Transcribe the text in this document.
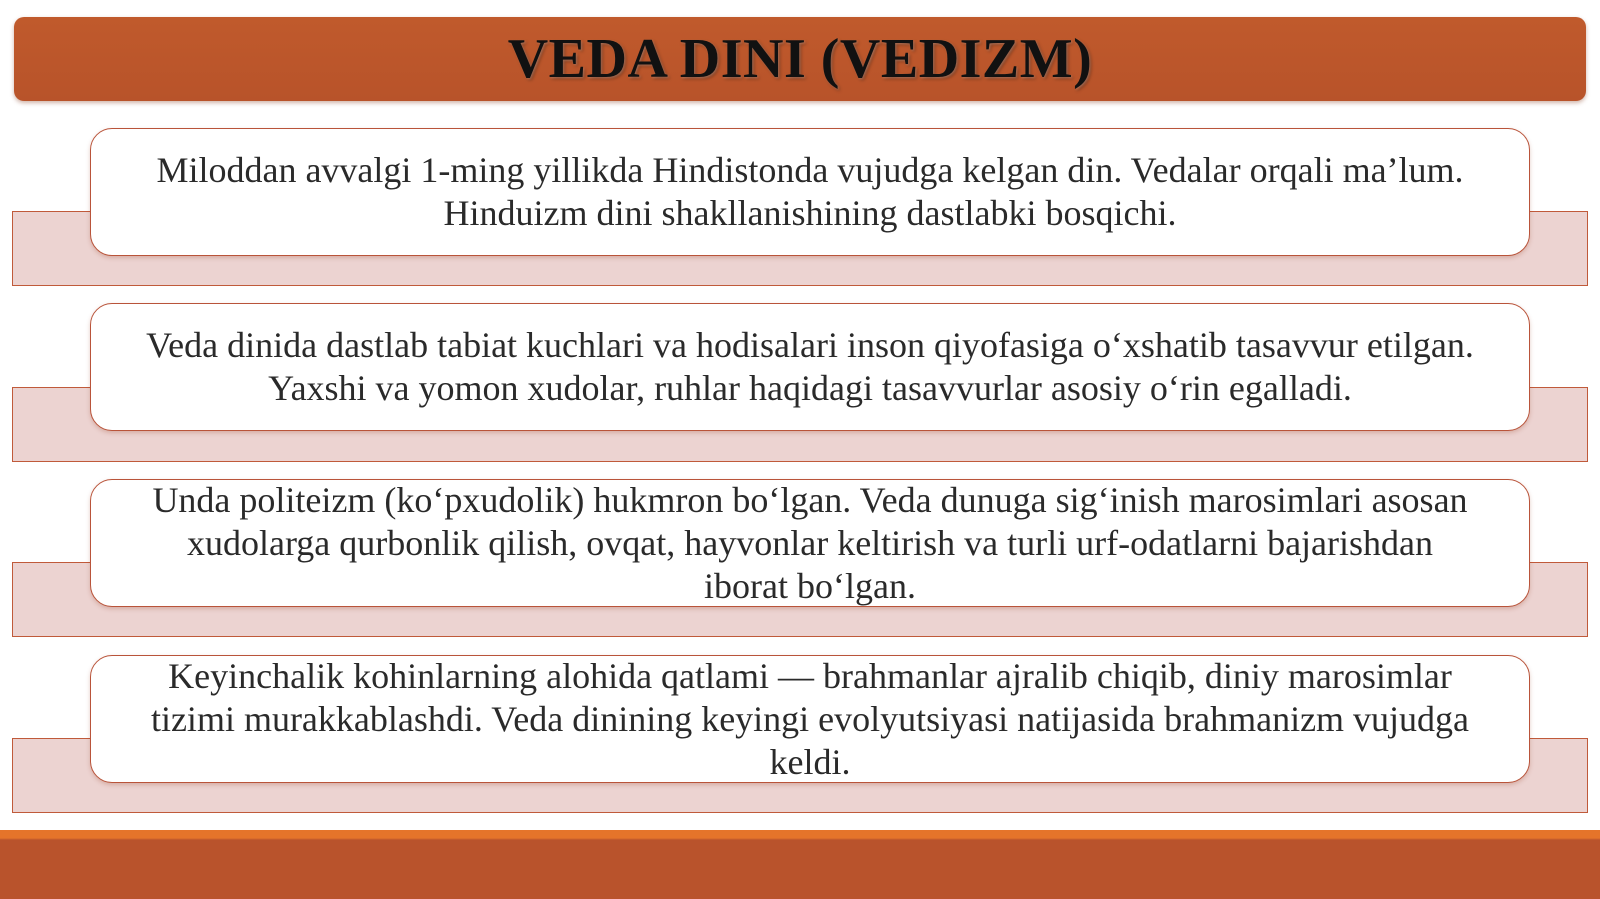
VEDA DINI (VEDIZM)
Miloddan avvalgi 1-ming yillikda Hindistonda vujudga kelgan din. Vedalar orqali ma’lum. Hinduizm dini shakllanishining dastlabki bosqichi.
Veda dinida dastlab tabiat kuchlari va hodisalari inson qiyofasiga o‘xshatib tasavvur etilgan. Yaxshi va yomon xudolar, ruhlar haqidagi tasavvurlar asosiy o‘rin egalladi.
Unda politeizm (ko‘pxudolik) hukmron bo‘lgan. Veda dunuga sig‘inish marosimlari asosan xudolarga qurbonlik qilish, ovqat, hayvonlar keltirish va turli urf-odatlarni bajarishdan iborat bo‘lgan.
Keyinchalik kohinlarning alohida qatlami — brahmanlar ajralib chiqib, diniy marosimlar tizimi murakkablashdi. Veda dinining keyingi evolyutsiyasi natijasida brahmanizm vujudga keldi.
